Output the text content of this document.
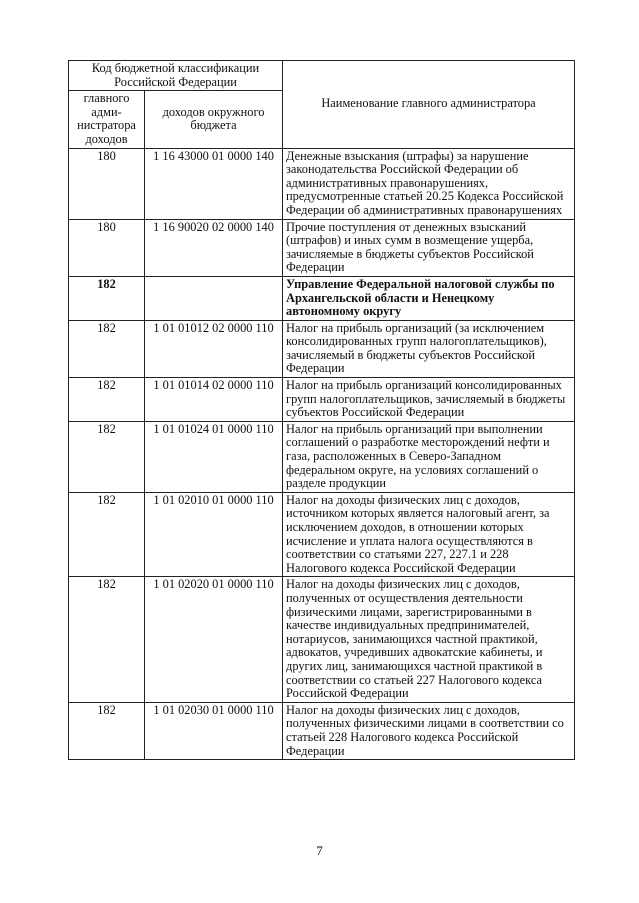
Код бюджетной классификации Российской Федерации		Наименование главного администратора
главного адми-нистратора доходов	доходов окружного бюджета	
180	1 16 43000 01 0000 140	Денежные взыскания (штрафы) за нарушение законодательства Российской Федерации об административных правонарушениях, предусмотренные статьей 20.25 Кодекса Российской Федерации об административных правонарушениях
180	1 16 90020 02 0000 140	Прочие поступления от денежных взысканий (штрафов) и иных сумм в возмещение ущерба, зачисляемые в бюджеты субъектов Российской Федерации
182		Управление Федеральной налоговой службы по Архангельской области и Ненецкому автономному округу
182	1 01 01012 02 0000 110	Налог на прибыль организаций (за исключением консолидированных групп налогоплательщиков), зачисляемый в бюджеты субъектов Российской Федерации
182	1 01 01014 02 0000 110	Налог на прибыль организаций консолидированных групп налогоплательщиков, зачисляемый в бюджеты субъектов Российской Федерации
182	1 01 01024 01 0000 110	Налог на прибыль организаций при выполнении соглашений о разработке месторождений нефти и газа, расположенных в Северо-Западном федеральном округе, на условиях соглашений о разделе продукции
182	1 01 02010 01 0000 110	Налог на доходы физических лиц с доходов, источником которых является налоговый агент, за исключением доходов, в отношении которых исчисление и уплата налога осуществляются в соответствии со статьями 227, 227.1 и 228 Налогового кодекса Российской Федерации
182	1 01 02020 01 0000 110	Налог на доходы физических лиц с доходов, полученных от осуществления деятельности физическими лицами, зарегистрированными в качестве индивидуальных предпринимателей, нотариусов, занимающихся частной практикой, адвокатов, учредивших адвокатские кабинеты, и других лиц, занимающихся частной практикой в соответствии со статьей 227 Налогового кодекса Российской Федерации
182	1 01 02030 01 0000 110	Налог на доходы физических лиц с доходов, полученных физическими лицами в соответствии со статьей 228 Налогового кодекса Российской Федерации
7
